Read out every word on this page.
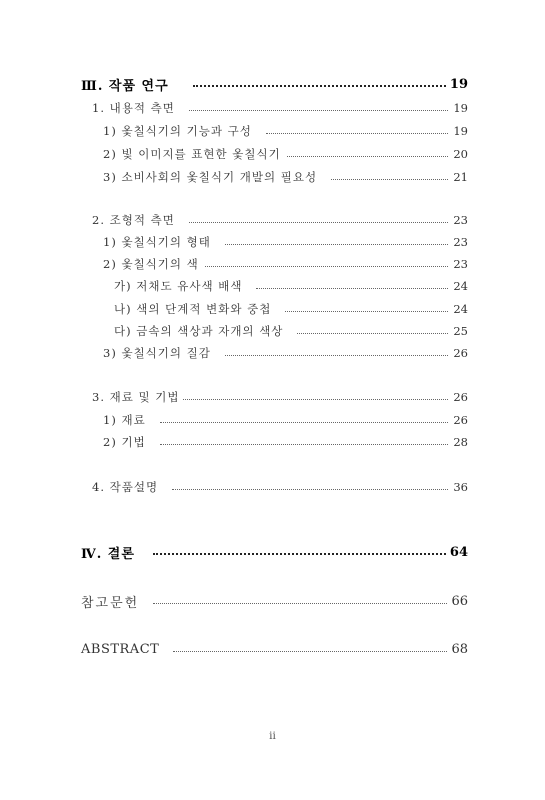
Ⅲ. 작품 연구	19
1. 내용적 측면	19
1) 옻칠식기의 기능과 구성	19
2) 빛 이미지를 표현한 옻칠식기	20
3) 소비사회의 옻칠식기 개발의 필요성	21
2. 조형적 측면	23
1) 옻칠식기의 형태	23
2) 옻칠식기의 색	23
가) 저채도 유사색 배색	24
나) 색의 단계적 변화와 중첩	24
다) 금속의 색상과 자개의 색상	25
3) 옻칠식기의 질감	26
3. 재료 및 기법	26
1) 재료	26
2) 기법	28
4. 작품설명	36
Ⅳ. 결론	64
참고문헌	66
ABSTRACT	68
ii
